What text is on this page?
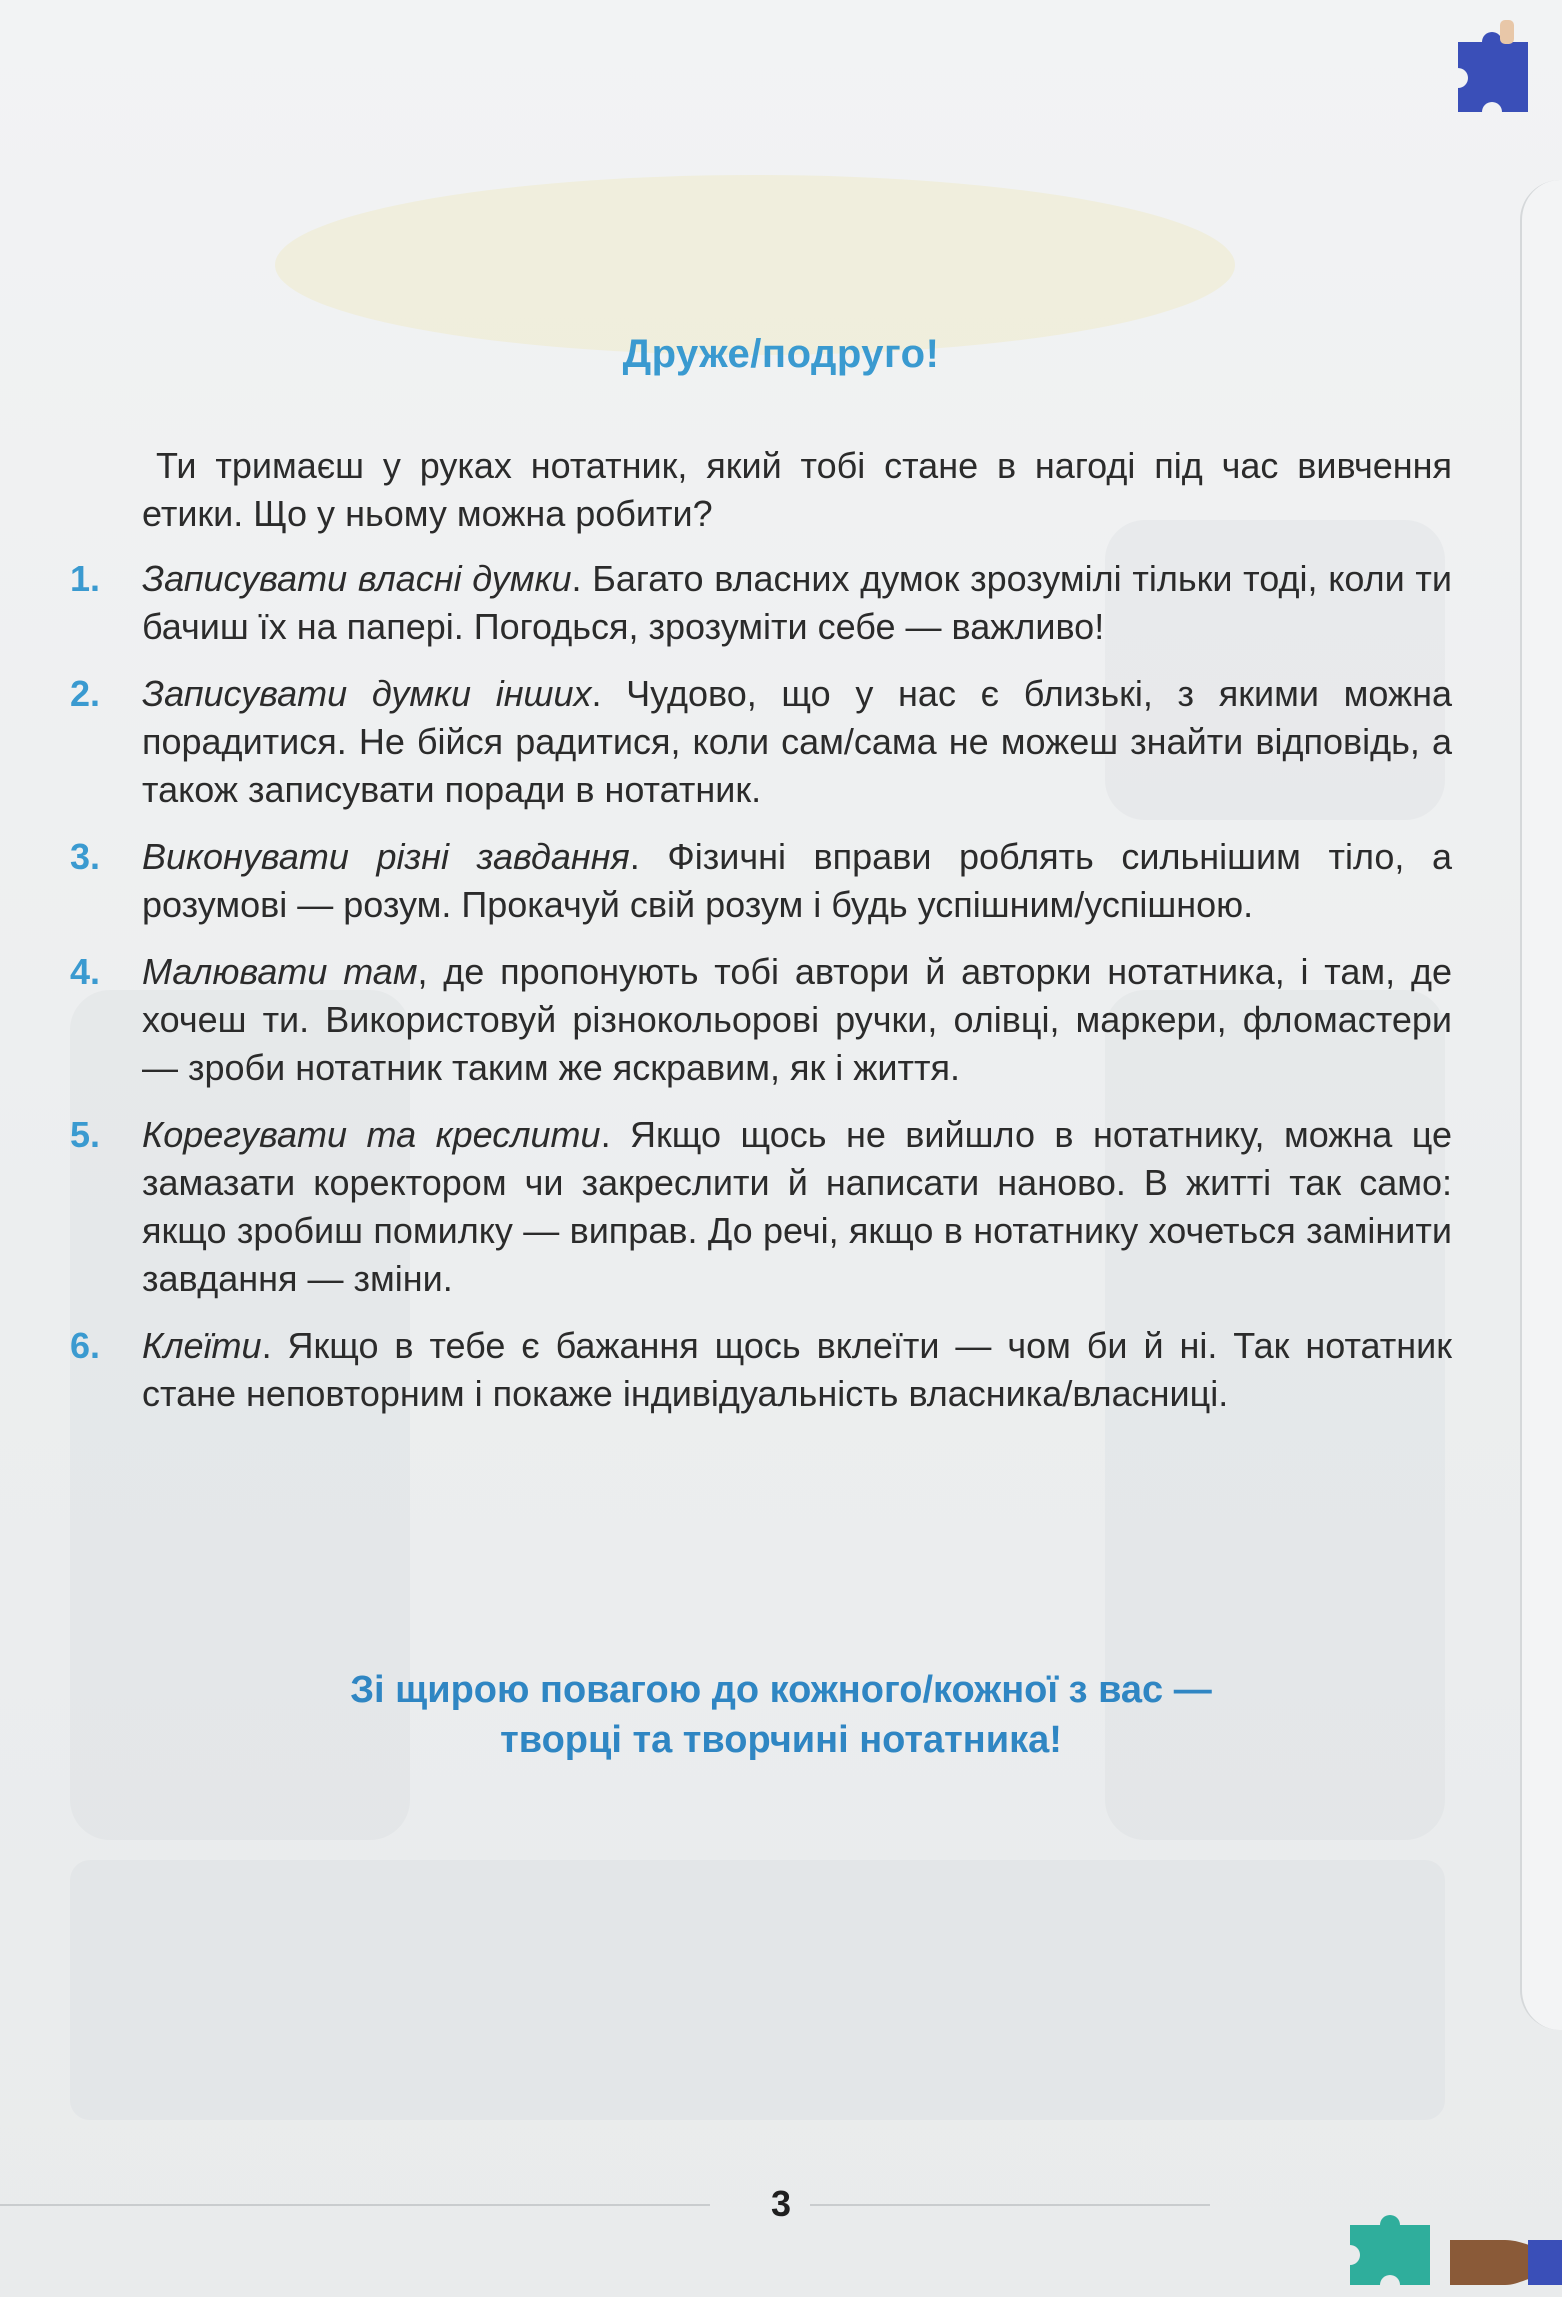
Друже/подруго!
Ти тримаєш у руках нотатник, який тобі стане в нагоді під час вивчення етики. Що у ньому можна робити?
1. Записувати власні думки. Багато власних думок зрозумілі тільки тоді, коли ти бачиш їх на папері. Погодься, зрозуміти себе — важливо!
2. Записувати думки інших. Чудово, що у нас є близькі, з якими можна порадитися. Не бійся радитися, коли сам/сама не можеш знайти відповідь, а також записувати поради в нотатник.
3. Виконувати різні завдання. Фізичні вправи роблять сильнішим тіло, а розумові — розум. Прокачуй свій розум і будь успішним/успішною.
4. Малювати там, де пропонують тобі автори й авторки нотатника, і там, де хочеш ти. Використовуй різнокольорові ручки, олівці, маркери, фломастери — зроби нотатник таким же яскравим, як і життя.
5. Корегувати та креслити. Якщо щось не вийшло в нотатнику, можна це замазати коректором чи закреслити й написати наново. В житті так само: якщо зробиш помилку — виправ. До речі, якщо в нотатнику хочеться замінити завдання — зміни.
6. Клеїти. Якщо в тебе є бажання щось вклеїти — чом би й ні. Так нотатник стане неповторним і покаже індивідуальність власника/власниці.
Зі щирою повагою до кожного/кожної з вас —
творці та творчині нотатника!
3
